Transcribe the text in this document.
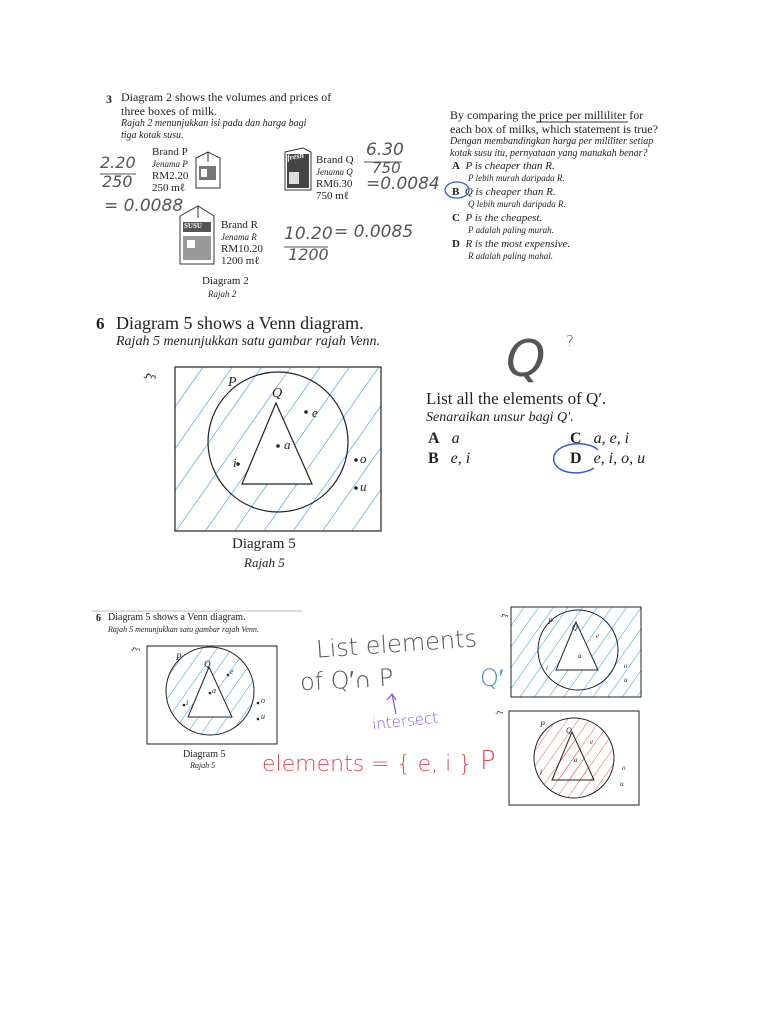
3 Diagram 2 shows the volumes and prices of
three boxes of milk.
Rajah 2 menunjukkan isi padu dan harga bagi
tiga kotak susu.
Brand P
Jenama P
RM2.20
250 mℓ
fresh Brand Q
Jenama Q
RM6.30
750 mℓ
SUSU Brand R
Jenama R
RM10.20
1200 mℓ
Diagram 2
Rajah 2
By comparing the price per milliliter for
each box of milks, which statement is true?
Dengan membandingkan harga per mililiter setiap
kotak susu itu, pernyataan yang manakah benar?
A P is cheaper than R.
P lebih murah daripada R.
B Q is cheaper than R.
Q lebih murah daripada R.
C P is the cheapest.
P adalah paling murah.
D R is the most expensive.
R adalah paling mahal.
2.20
250
= 0.0088
6.30
750
=0.0084
10.20
1200
= 0.0085
6 Diagram 5 shows a Venn diagram.
Rajah 5 menunjukkan satu gambar rajah Venn.
ξ	P
Q
a
e
i	o
u
Diagram 5
Rajah 5
List all the elements of Q′.
Senaraikan unsur bagi Q′.
A a
B e, i
C a, e, i
D e, i, o, u
Q ?
6 Diagram 5 shows a Venn diagram.
Rajah 5 menunjukkan satu gambar rajah Venn.
ξ
P
Q
a
e
i	o
u
Diagram 5
Rajah 5
List elements
of Q′∩ P
intersect
elements = { e, i }
ξ
P
Q
a
e
i	o
u
Q′
ξ
P
Q
a
e
i	o
u
P
